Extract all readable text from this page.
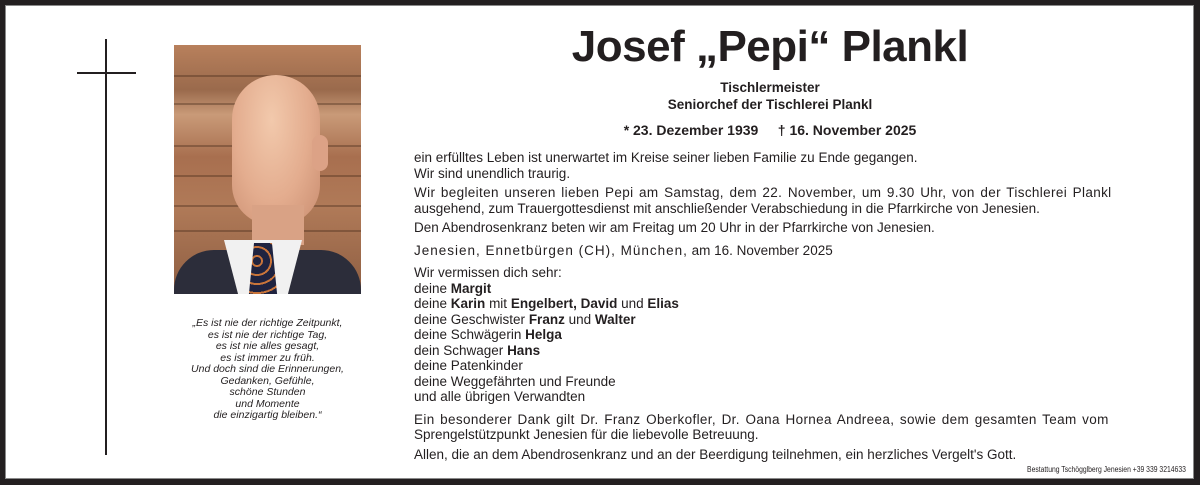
„Es ist nie der richtige Zeitpunkt,
es ist nie der richtige Tag,
es ist nie alles gesagt,
es ist immer zu früh.
Und doch sind die Erinnerungen,
Gedanken, Gefühle,
schöne Stunden
und Momente
die einzigartig bleiben.“
Josef „Pepi“ Plankl
Tischlermeister
Seniorchef der Tischlerei Plankl
* 23. Dezember 1939 † 16. November 2025

ein erfülltes Leben ist unerwartet im Kreise seiner lieben Familie zu Ende gegangen.

Wir sind unendlich traurig.

Wir begleiten unseren lieben Pepi am Samstag, dem 22. November, um 9.30 Uhr, von der Tischlerei Plankl

ausgehend, zum Trauergottesdienst mit anschließender Verabschiedung in die Pfarrkirche von Jenesien.

Den Abendrosenkranz beten wir am Freitag um 20 Uhr in der Pfarrkirche von Jenesien.

Jenesien, Ennetbürgen (CH), München, am 16. November 2025

Wir vermissen dich sehr:

deine Margit

deine Karin mit Engelbert, David und Elias

deine Geschwister Franz und Walter

deine Schwägerin Helga

dein Schwager Hans

deine Patenkinder

deine Weggefährten und Freunde

und alle übrigen Verwandten

Ein besonderer Dank gilt Dr. Franz Oberkofler, Dr. Oana Hornea Andreea, sowie dem gesamten Team vom

Sprengelstützpunkt Jenesien für die liebevolle Betreuung.

Allen, die an dem Abendrosenkranz und an der Beerdigung teilnehmen, ein herzliches Vergelt's Gott.

Bestattung Tschögglberg Jenesien +39 339 3214633
